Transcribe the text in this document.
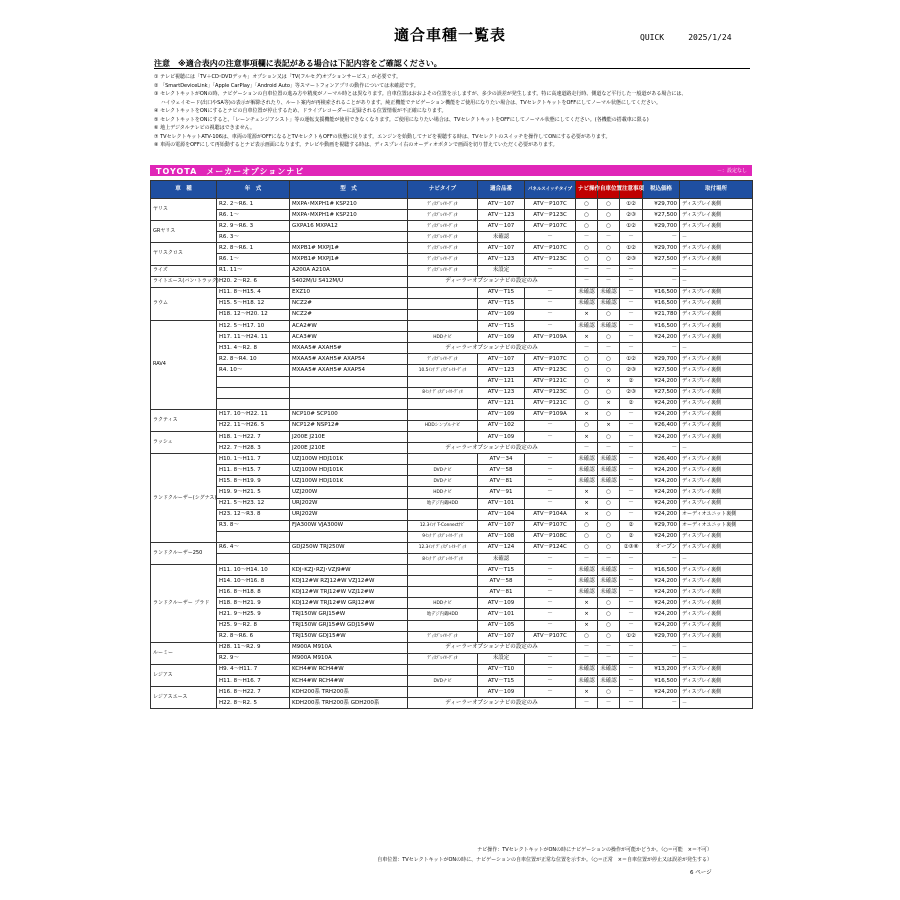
適合車種一覧表	QUICK	2025/1/24
注意　※適合表内の注意事項欄に表記がある場合は下記内容をご確認ください。
① テレビ視聴には「TV＋CD･DVDデッキ」オプション又は「TV(フルセグ)オプションサービス」が必要です。
② 「SmartDeviceLink」「Apple CarPlay」「Android Auto」等スマートフォンアプリの動作については未確認です。
③ セレクトキットがONの時、ナビゲーションの自車位置の進み方や精度がノーマル時とは異なります。自車位置はおおよその位置を示しますが、多少の誤差が発生します。特に高速道路走行時、側道など平行した一般道がある場合には、
　 ハイウェイモード(出口やSA等)の表示が解除されたり、ルート案内が再検索されることがあります。純正機能でナビゲーション機能をご使用になりたい場合は、TVセレクトキットをOFFにしてノーマル状態にしてください。
④ セレクトキットをONにするとナビの自車位置が停止するため、ドライブレコーダーに記録される位置情報が不正確になります。
⑤ セレクトキットをONにすると、「レーンチェンジアシスト」等の運転支援機能が使用できなくなります。ご使用になりたい場合は、TVセレクトキットをOFFにしてノーマル状態にしてください。(各機能の搭載車に限る)
⑥ 地上デジタルテレビの視聴はできません。
⑦ TVセレクトキットATV-106は、車両の電源がOFFになるとTVセレクトもOFFの状態に戻ります。エンジンを始動してナビを視聴する時は、TVセレクトのスイッチを操作してONにする必要があります。
⑧ 車両の電源をOFFにして再始動するとナビ表示画面になります。テレビや動画を視聴する時は、ディスプレイ右のオーディオボタンで画面を切り替えていただく必要があります。
TOYOTA　メーカーオプションナビ	－：設定なし
車　種	年　式	型　式	ナビタイプ	適合品番	パネルスイッチタイプ	ナビ操作	自車位置	注意事項	税込価格	取付場所
ヤリス	R2. 2～R6. 1	MXPA･MXPH1# KSP210	ﾃﾞｨｽﾌﾟﾚｲｵｰﾃﾞｨｵ	ATV－107	ATV－P107C	○	○	①②	¥29,700	ディスプレイ裏側
	R6. 1～	MXPA･MXPH1# KSP210	ﾃﾞｨｽﾌﾟﾚｲｵｰﾃﾞｨｵ	ATV－123	ATV－P123C	○	○	②③	¥27,500	ディスプレイ裏側
GRヤリス	R2. 9～R6. 3	GXPA16 MXPA12	ﾃﾞｨｽﾌﾟﾚｲｵｰﾃﾞｨｵ	ATV－107	ATV－P107C	○	○	①②	¥29,700	ディスプレイ裏側
	R6. 3～		ﾃﾞｨｽﾌﾟﾚｲｵｰﾃﾞｨｵ	未確認	－	－	－	－	－	－
ヤリスクロス	R2. 8～R6. 1	MXPB1# MXPJ1#	ﾃﾞｨｽﾌﾟﾚｲｵｰﾃﾞｨｵ	ATV－107	ATV－P107C	○	○	①②	¥29,700	ディスプレイ裏側
	R6. 1～	MXPB1# MXPJ1#	ﾃﾞｨｽﾌﾟﾚｲｵｰﾃﾞｨｵ	ATV－123	ATV－P123C	○	○	②③	¥27,500	ディスプレイ裏側
ライズ	R1. 11～	A200A A210A	ﾃﾞｨｽﾌﾟﾚｲｵｰﾃﾞｨｵ	未設定	－	－	－	－	－	－
ライトエース(バン･トラック)	H20. 2～R2. 6	S402M/U S412M/U	ディーラーオプションナビの設定のみ			－	－	－	－	－
ラウム	H11. 8～H15. 4	EXZ10		ATV－T15	－	未確認	未確認	－	¥16,500	ディスプレイ裏側
	H15. 5～H18. 12	NCZ2#		ATV－T15	－	未確認	未確認	－	¥16,500	ディスプレイ裏側
	H18. 12～H20. 12	NCZ2#		ATV－109	－	×	○	－	¥21,780	ディスプレイ裏側
RAV4	H12. 5～H17. 10	ACA2#W		ATV－T15	－	未確認	未確認	－	¥16,500	ディスプレイ裏側
	H17. 11～H24. 11	ACA3#W	HDDナビ	ATV－109	ATV－P109A	×	○	－	¥24,200	ディスプレイ裏側
	H31. 4～R2. 8	MXAA5# AXAH5#	ディーラーオプションナビの設定のみ			－	－	－	－	－
	R2. 8～R4. 10	MXAA5# AXAH5# AXAP54	ﾃﾞｨｽﾌﾟﾚｲｵｰﾃﾞｨｵ	ATV－107	ATV－P107C	○	○	①②	¥29,700	ディスプレイ裏側
	R4. 10～	MXAA5# AXAH5# AXAP54	10.5ｲﾝﾁ ﾃﾞｨｽﾌﾟﾚｲｵｰﾃﾞｨｵ	ATV－123	ATV－P123C	○	○	②③	¥27,500	ディスプレイ裏側
				ATV－121	ATV－P121C	○	×	②	¥24,200	ディスプレイ裏側
			8ｲﾝﾁ ﾃﾞｨｽﾌﾟﾚｲｵｰﾃﾞｨｵ	ATV－123	ATV－P123C	○	○	②③	¥27,500	ディスプレイ裏側
				ATV－121	ATV－P121C	○	×	②	¥24,200	ディスプレイ裏側
ラクティス	H17. 10～H22. 11	NCP10# SCP100		ATV－109	ATV－P109A	×	○	－	¥24,200	ディスプレイ裏側
	H22. 11～H26. 5	NCP12# NSP12#	HDDシンプルナビ	ATV－102	－	○	×	－	¥26,400	ディスプレイ裏側
ラッシュ	H18. 1～H22. 7	J200E J210E		ATV－109	－	×	○	－	¥24,200	ディスプレイ裏側
	H22. 7～H28. 3	J200E J210E	ディーラーオプションナビの設定のみ			－	－	－	－	－
ランドクルーザー(シグナス)	H10. 1～H11. 7	UZJ100W HDJ101K		ATV－34	－	未確認	未確認	－	¥26,400	ディスプレイ裏側
	H11. 8～H15. 7	UZJ100W HDJ101K	DVDナビ	ATV－58	－	未確認	未確認	－	¥24,200	ディスプレイ裏側
	H15. 8～H19. 9	UZJ100W HDJ101K	DVDナビ	ATV－81	－	未確認	未確認	－	¥24,200	ディスプレイ裏側
	H19. 9～H21. 5	UZJ200W	HDDナビ	ATV－91	－	×	○	－	¥24,200	ディスプレイ裏側
	H21. 5～H23. 12	URJ202W	地デジ内蔵HDD	ATV－101	－	×	○	－	¥24,200	ディスプレイ裏側
	H23. 12～R3. 8	URJ202W		ATV－104	ATV－P104A	×	○	－	¥24,200	オーディオユニット裏側
	R3. 8～	FJA300W VJA300W	12.3ｲﾝﾁ T-Connectﾅﾋﾞ	ATV－107	ATV－P107C	○	○	②	¥29,700	オーディオユニット裏側
			9ｲﾝﾁ ﾃﾞｨｽﾌﾟﾚｲｵｰﾃﾞｨｵ	ATV－108	ATV－P108C	○	○	②	¥24,200	ディスプレイ裏側
ランドクルーザー250	R6. 4～	GDJ250W TRJ250W	12.3ｲﾝﾁ ﾃﾞｨｽﾌﾟﾚｲｵｰﾃﾞｨｵ	ATV－124	ATV－P124C	○	○	②③⑧	オープン	ディスプレイ裏側
			8ｲﾝﾁ ﾃﾞｨｽﾌﾟﾚｲｵｰﾃﾞｨｵ	未確認	－	－	－	－	－	－
ランドクルーザー プラド	H11. 10～H14. 10	KDJ･KZJ･RZJ･VZJ9#W		ATV－T15	－	未確認	未確認	－	¥16,500	ディスプレイ裏側
	H14. 10～H16. 8	KDJ12#W RZJ12#W VZJ12#W		ATV－58	－	未確認	未確認	－	¥24,200	ディスプレイ裏側
	H16. 8～H18. 8	KDJ12#W TRJ12#W VZJ12#W		ATV－81	－	未確認	未確認	－	¥24,200	ディスプレイ裏側
	H18. 8～H21. 9	KDJ12#W TRJ12#W GRJ12#W	HDDナビ	ATV－109	－	×	○	－	¥24,200	ディスプレイ裏側
	H21. 9～H25. 9	TRJ150W GRJ15#W	地デジ内蔵HDD	ATV－101	－	×	○	－	¥24,200	ディスプレイ裏側
	H25. 9～R2. 8	TRJ150W GRJ15#W GDJ15#W		ATV－105	－	×	○	－	¥24,200	ディスプレイ裏側
	R2. 8～R6. 6	TRJ150W GDJ15#W	ﾃﾞｨｽﾌﾟﾚｲｵｰﾃﾞｨｵ	ATV－107	ATV－P107C	○	○	①②	¥29,700	ディスプレイ裏側
ルーミー	H28. 11～R2. 9	M900A M910A	ディーラーオプションナビの設定のみ			－	－	－	－	－
	R2. 9～	M900A M910A	ﾃﾞｨｽﾌﾟﾚｲｵｰﾃﾞｨｵ	未設定	－	－	－	－	－	－
レジアス	H9. 4～H11. 7	KCH4#W RCH4#W		ATV－T10	－	未確認	未確認	－	¥13,200	ディスプレイ裏側
	H11. 8～H16. 7	KCH4#W RCH4#W	DVDナビ	ATV－T15	－	未確認	未確認	－	¥16,500	ディスプレイ裏側
レジアスエース	H16. 8～H22. 7	KDH200系 TRH200系		ATV－109	－	×	○	－	¥24,200	ディスプレイ裏側
	H22. 8～R2. 5	KDH200系 TRH200系 GDH200系	ディーラーオプションナビの設定のみ			－	－	－	－	－
ナビ操作：TVセレクトキットがONの時にナビゲーションの操作が可能かどうか。（○＝可能　×＝不可）
自車位置：TVセレクトキットがONの時に、ナビゲーションの自車位置が正常な位置を示すか。（○＝正常　×＝自車位置が停止又は誤差が発生する）
6 ページ
